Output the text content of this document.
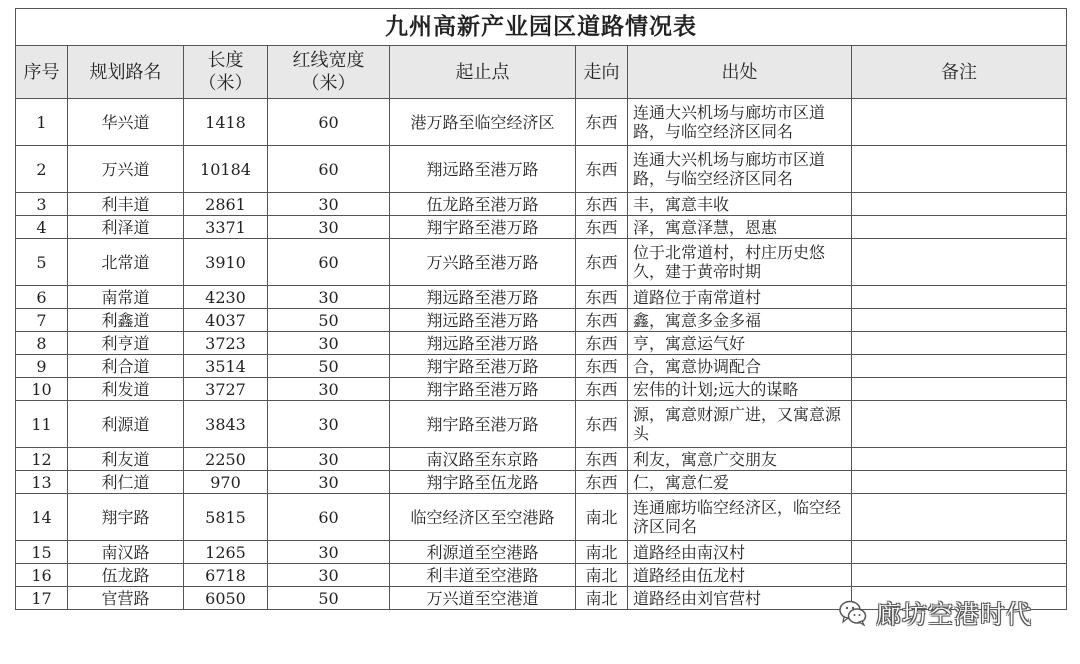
九州高新产业园区道路情况表							
序号	规划路名	长度（米）	红线宽度（米）	起止点	走向	出处	备注
1	华兴道	1418	60	港万路至临空经济区	东西	连通大兴机场与廊坊市区道路，与临空经济区同名	
2	万兴道	10184	60	翔远路至港万路	东西	连通大兴机场与廊坊市区道路，与临空经济区同名	
3	利丰道	2861	30	伍龙路至港万路	东西	丰，寓意丰收	
4	利泽道	3371	30	翔宇路至港万路	东西	泽，寓意泽慧，恩惠	
5	北常道	3910	60	万兴路至港万路	东西	位于北常道村，村庄历史悠久，建于黄帝时期	
6	南常道	4230	30	翔远路至港万路	东西	道路位于南常道村	
7	利鑫道	4037	50	翔远路至港万路	东西	鑫，寓意多金多福	
8	利亨道	3723	30	翔远路至港万路	东西	亨，寓意运气好	
9	利合道	3514	50	翔宇路至港万路	东西	合，寓意协调配合	
10	利发道	3727	30	翔宇路至港万路	东西	宏伟的计划;远大的谋略	
11	利源道	3843	30	翔宇路至港万路	东西	源，寓意财源广进，又寓意源头	
12	利友道	2250	30	南汉路至东京路	东西	利友，寓意广交朋友	
13	利仁道	970	30	翔宇路至伍龙路	东西	仁，寓意仁爱	
14	翔宇路	5815	60	临空经济区至空港路	南北	连通廊坊临空经济区，临空经济区同名	
15	南汉路	1265	30	利源道至空港路	南北	道路经由南汉村	
16	伍龙路	6718	30	利丰道至空港路	南北	道路经由伍龙村	
17	官营路	6050	50	万兴道至空港道	南北	道路经由刘官营村	
廊坊空港时代
